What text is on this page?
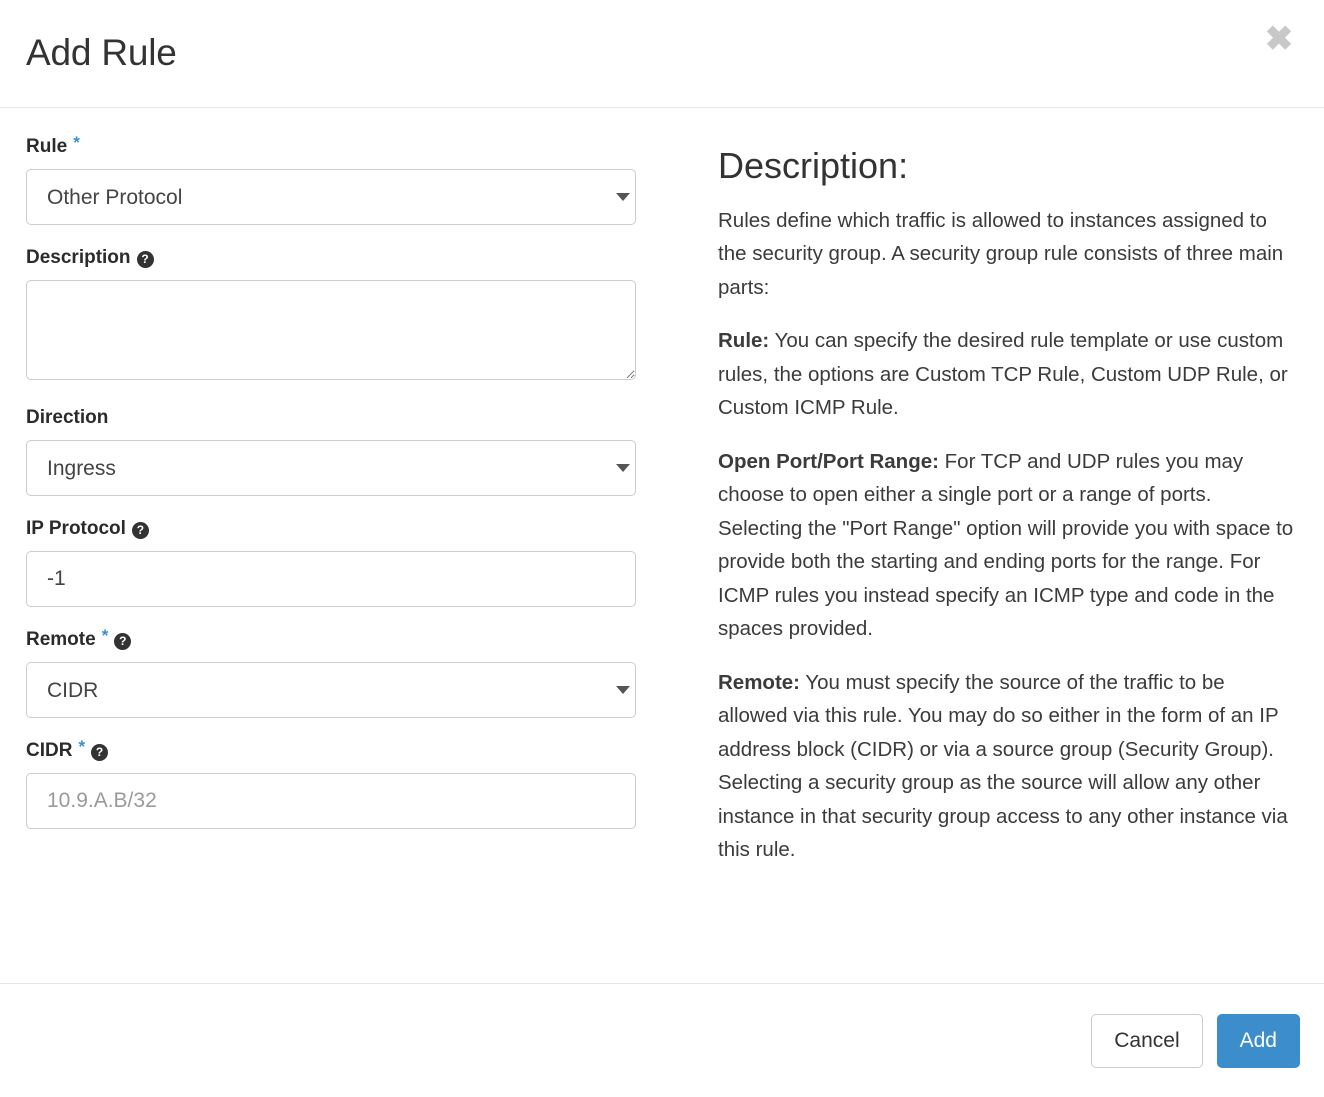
Add Rule	✖
Rule *
Other Protocol
Description ?
Direction
Ingress
IP Protocol ?
-1
Remote * ?
CIDR
CIDR * ?
10.9.A.B/32
Description:

Rules define which traffic is allowed to instances assigned to the security group. A security group rule consists of three main parts:

Rule: You can specify the desired rule template or use custom rules, the options are Custom TCP Rule, Custom UDP Rule, or Custom ICMP Rule.

Open Port/Port Range: For TCP and UDP rules you may choose to open either a single port or a range of ports. Selecting the "Port Range" option will provide you with space to provide both the starting and ending ports for the range. For ICMP rules you instead specify an ICMP type and code in the spaces provided.

Remote: You must specify the source of the traffic to be allowed via this rule. You may do so either in the form of an IP address block (CIDR) or via a source group (Security Group). Selecting a security group as the source will allow any other instance in that security group access to any other instance via this rule.

Cancel	Add
